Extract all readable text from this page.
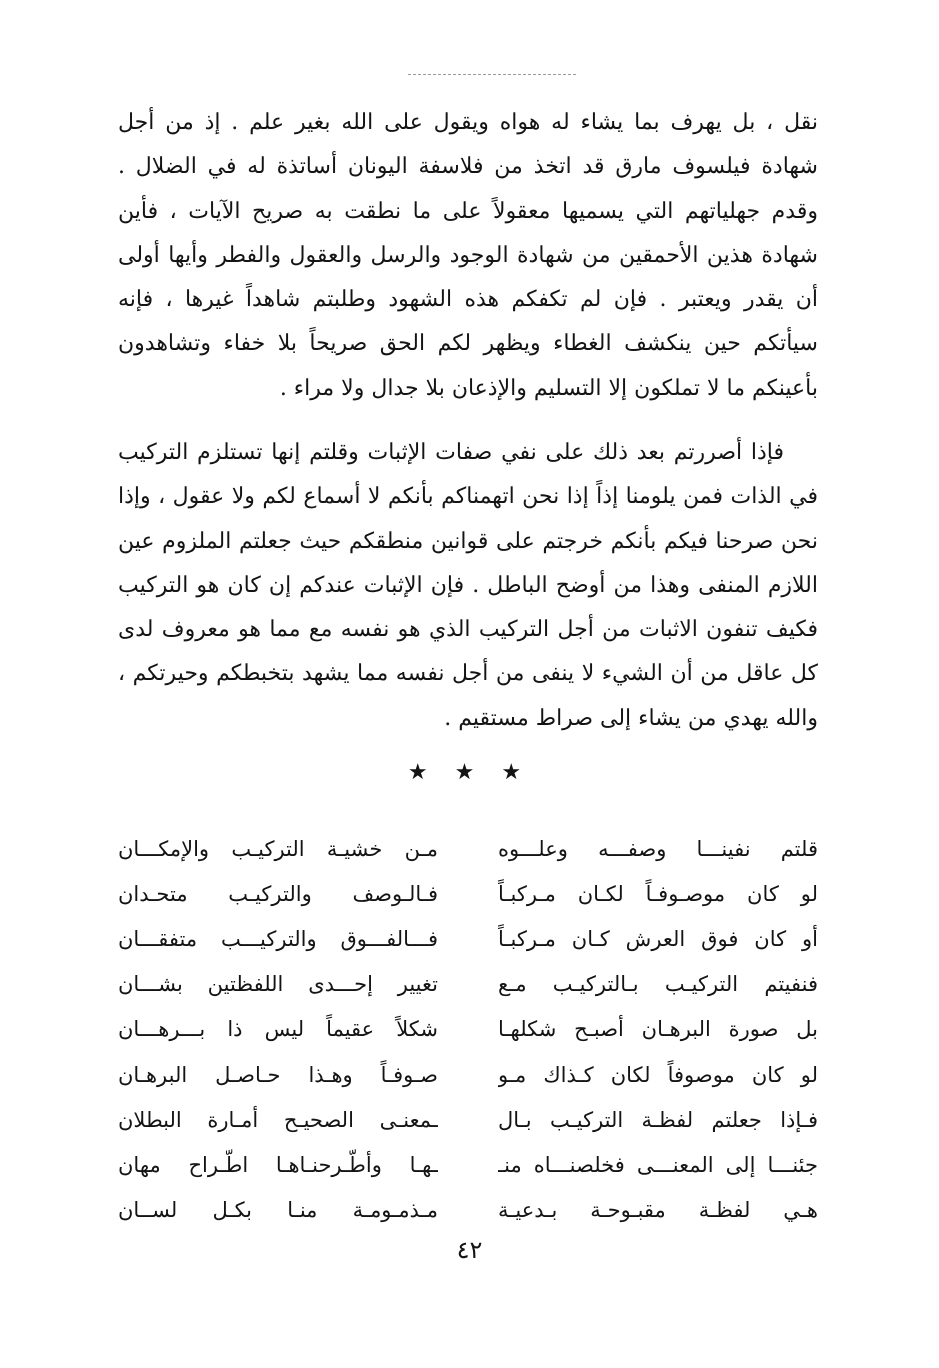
نقل ، بل يهرف بما يشاء له هواه ويقول على الله بغير علم . إذ من أجل شهادة فيلسوف مارق قد اتخذ من فلاسفة اليونان أساتذة له في الضلال . وقدم جهلياتهم التي يسميها معقولاً على ما نطقت به صريح الآيات ، فأين شهادة هذين الأحمقين من شهادة الوجود والرسل والعقول والفطر وأيها أولى أن يقدر ويعتبر . فإن لم تكفكم هذه الشهود وطلبتم شاهداً غيرها ، فإنه سيأتكم حين ينكشف الغطاء ويظهر لكم الحق صريحاً بلا خفاء وتشاهدون بأعينكم ما لا تملكون إلا التسليم والإذعان بلا جدال ولا مراء .

فإذا أصررتم بعد ذلك على نفي صفات الإثبات وقلتم إنها تستلزم التركيب في الذات فمن يلومنا إذاً إذا نحن اتهمناكم بأنكم لا أسماع لكم ولا عقول ، وإذا نحن صرحنا فيكم بأنكم خرجتم على قوانين منطقكم حيث جعلتم الملزوم عين اللازم المنفى وهذا من أوضح الباطل . فإن الإثبات عندكم إن كان هو التركيب فكيف تنفون الاثبات من أجل التركيب الذي هو نفسه مع مما هو معروف لدى كل عاقل من أن الشيء لا ينفى من أجل نفسه مما يشهد بتخبطكم وحيرتكم ، والله يهدي من يشاء إلى صراط مستقيم .

★ ★ ★
قلتم نفينـــا وصفـــه وعلـــوه
مـن خشيـة التركيـب والإمكـــان
لو كان موصـوفـاً لكـان مـركبـاً
فـالـوصف والتركيـب متحـدان
أو كان فوق العرش كـان مـركبـاً
فـــالفـــوق والتركيـــب متفقـــان
فنفيتم التركيـب بـالتركيـب مـع
تغيير إحـــدى اللفظتين بشـــان
بل صورة البرهـان أصبـح شكلهـا
شكلاً عقيماً ليس ذا بـــرهـــان
لو كان موصوفاً لكان كـذاك مـو
صـوفـاً وهـذا حـاصـل البرهـان
فـإذا جعلتم لفظـة التركيـب بـال
ـمعنـى الصحيـح أمـارة البطلان
جئنـــا إلى المعنـــى فخلصنـــاه منـ
ـهـا وأطّـرحنـاهـا اطّـراح مهان
هـي لفظـة مقبـوحـة بـدعيـة
مـذمـومـة منـا بكـل لســان
٤٢
